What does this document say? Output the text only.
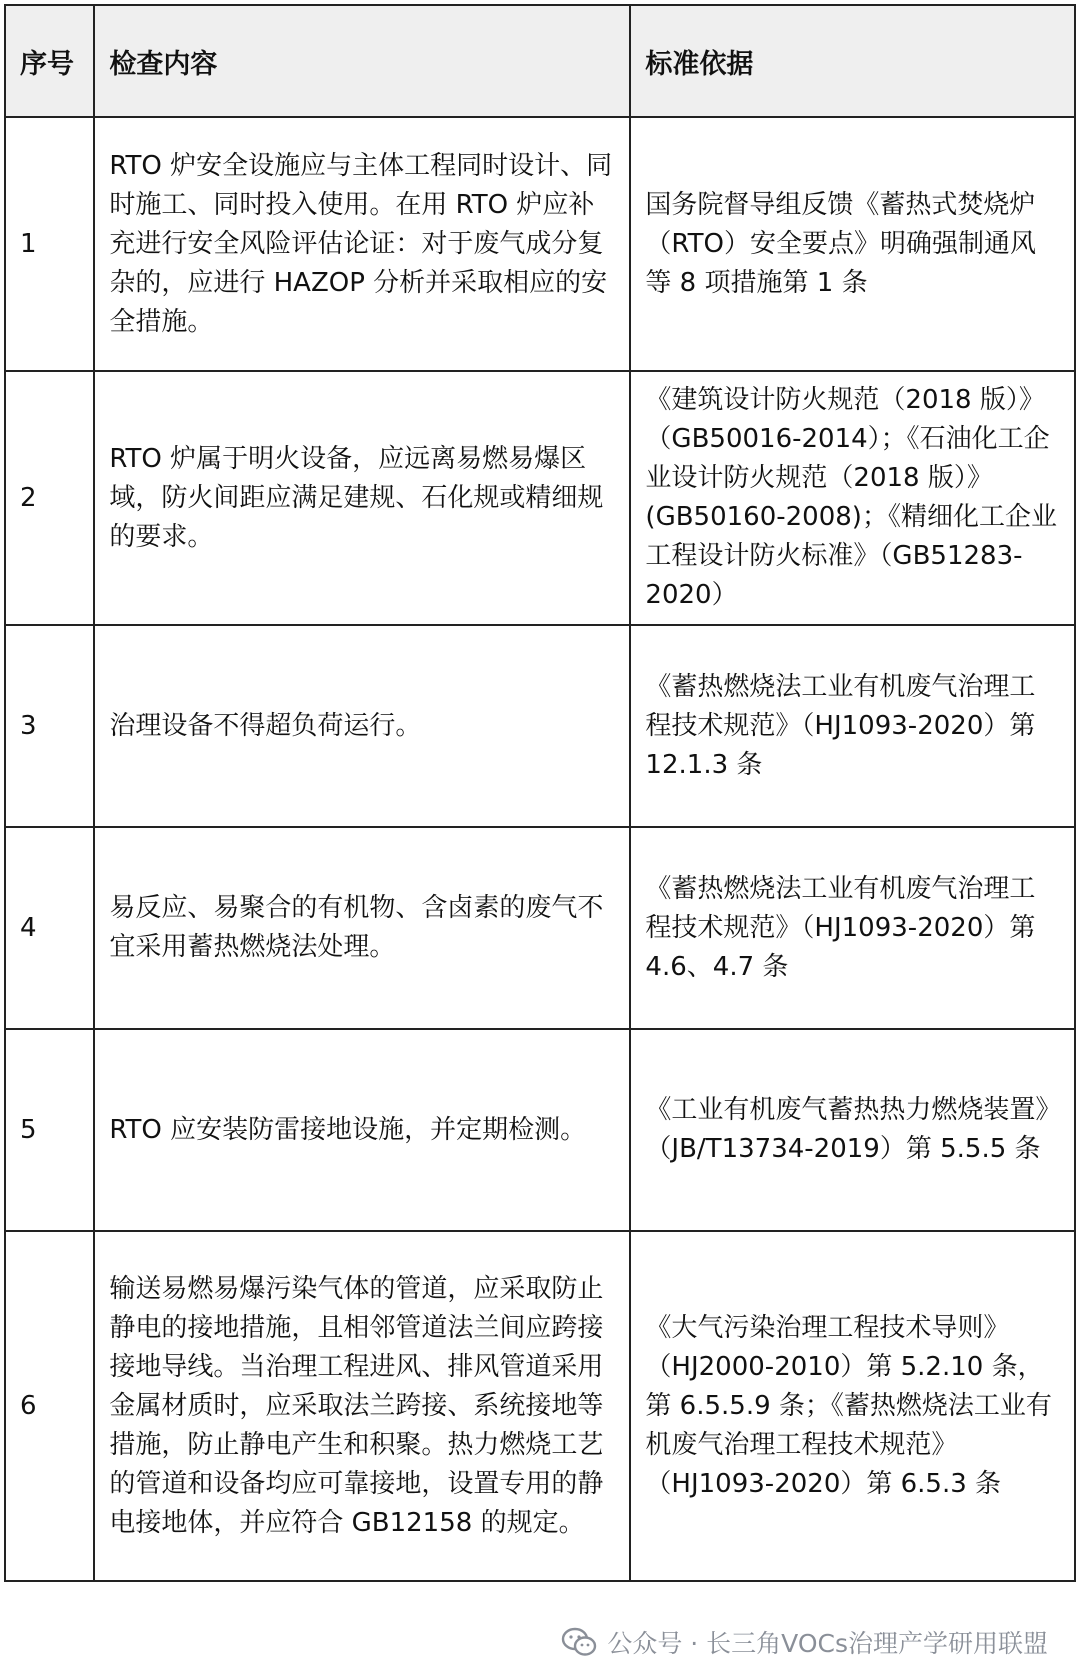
序号	检查内容	标准依据
1	RTO 炉安全设施应与主体工程同时设计、同时施工、同时投入使用。在用 RTO 炉应补充进行安全风险评估论证：对于废气成分复杂的，应进行 HAZOP 分析并采取相应的安全措施。	国务院督导组反馈《蓄热式焚烧炉（RTO）安全要点》明确强制通风等 8 项措施第 1 条
2	RTO 炉属于明火设备，应远离易燃易爆区域，防火间距应满足建规、石化规或精细规的要求。	《建筑设计防火规范（2018 版）》（GB50016-2014）；《石油化工企业设计防火规范（2018 版）》(GB50160-2008)；《精细化工企业工程设计防火标准》（GB51283-2020）
3	治理设备不得超负荷运行。	《蓄热燃烧法工业有机废气治理工程技术规范》（HJ1093-2020）第 12.1.3 条
4	易反应、易聚合的有机物、含卤素的废气不宜采用蓄热燃烧法处理。	《蓄热燃烧法工业有机废气治理工程技术规范》（HJ1093-2020）第 4.6、4.7 条
5	RTO 应安装防雷接地设施，并定期检测。	《工业有机废气蓄热热力燃烧装置》（JB/T13734-2019）第 5.5.5 条
6	输送易燃易爆污染气体的管道，应采取防止静电的接地措施，且相邻管道法兰间应跨接接地导线。当治理工程进风、排风管道采用金属材质时，应采取法兰跨接、系统接地等措施，防止静电产生和积聚。热力燃烧工艺的管道和设备均应可靠接地，设置专用的静电接地体，并应符合 GB12158 的规定。	《大气污染治理工程技术导则》（HJ2000-2010）第 5.2.10 条，第 6.5.5.9 条；《蓄热燃烧法工业有机废气治理工程技术规范》（HJ1093-2020）第 6.5.3 条
公众号 · 长三角VOCs治理产学研用联盟
